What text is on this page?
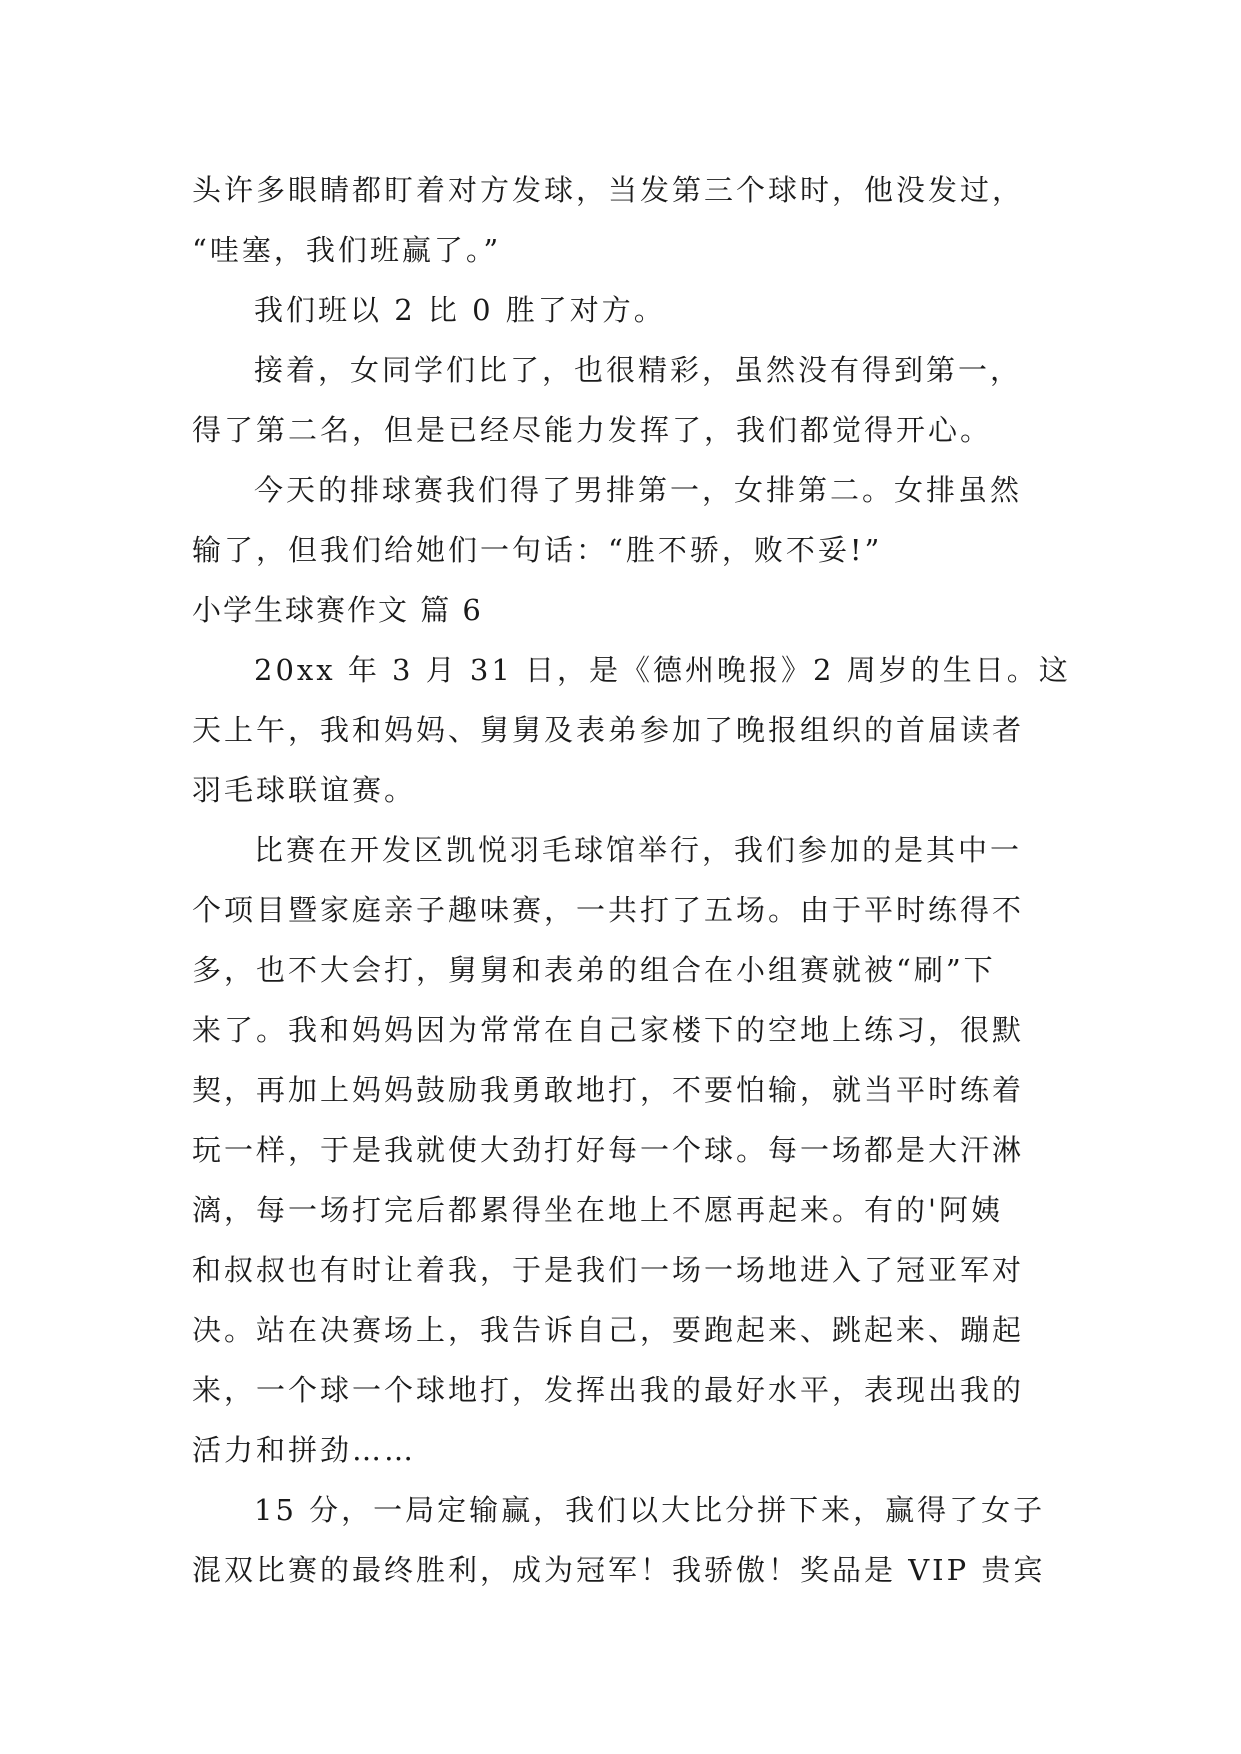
头许多眼睛都盯着对方发球，当发第三个球时，他没发过，
“哇塞，我们班赢了。”
我们班以 2 比 0 胜了对方。
接着，女同学们比了，也很精彩，虽然没有得到第一，
得了第二名，但是已经尽能力发挥了，我们都觉得开心。
今天的排球赛我们得了男排第一，女排第二。女排虽然
输了，但我们给她们一句话：“胜不骄，败不妥!”
小学生球赛作文 篇 6
20xx 年 3 月 31 日，是《德州晚报》2 周岁的生日。这
天上午，我和妈妈、舅舅及表弟参加了晚报组织的首届读者
羽毛球联谊赛。
比赛在开发区凯悦羽毛球馆举行，我们参加的是其中一
个项目暨家庭亲子趣味赛，一共打了五场。由于平时练得不
多，也不大会打，舅舅和表弟的组合在小组赛就被“刷”下
来了。我和妈妈因为常常在自己家楼下的空地上练习，很默
契，再加上妈妈鼓励我勇敢地打，不要怕输，就当平时练着
玩一样，于是我就使大劲打好每一个球。每一场都是大汗淋
漓，每一场打完后都累得坐在地上不愿再起来。有的'阿姨
和叔叔也有时让着我，于是我们一场一场地进入了冠亚军对
决。站在决赛场上，我告诉自己，要跑起来、跳起来、蹦起
来，一个球一个球地打，发挥出我的最好水平，表现出我的
活力和拼劲……
15 分，一局定输赢，我们以大比分拼下来，赢得了女子
混双比赛的最终胜利，成为冠军！我骄傲！奖品是 VIP 贵宾
